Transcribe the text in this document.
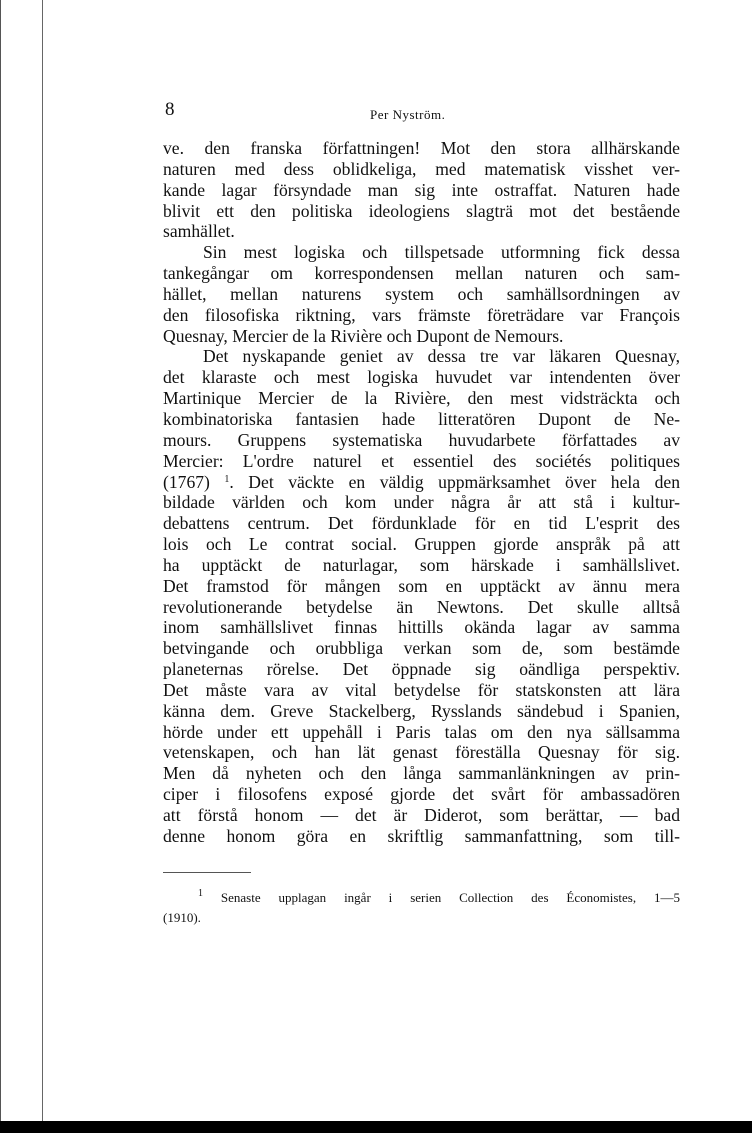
8	Per Nyström.
ve. den franska författningen! Mot den stora allhärskande
naturen med dess oblidkeliga, med matematisk visshet ver-
kande lagar försyndade man sig inte ostraffat. Naturen hade
blivit ett den politiska ideologiens slagträ mot det bestående
samhället.
Sin mest logiska och tillspetsade utformning fick dessa
tankegångar om korrespondensen mellan naturen och sam-
hället, mellan naturens system och samhällsordningen av
den filosofiska riktning, vars främste företrädare var François
Quesnay, Mercier de la Rivière och Dupont de Nemours.
Det nyskapande geniet av dessa tre var läkaren Quesnay,
det klaraste och mest logiska huvudet var intendenten över
Martinique Mercier de la Rivière, den mest vidsträckta och
kombinatoriska fantasien hade litteratören Dupont de Ne-
mours. Gruppens systematiska huvudarbete författades av
Mercier: L'ordre naturel et essentiel des sociétés politiques
(1767) $^1$. Det väckte en väldig uppmärksamhet över hela den
bildade världen och kom under några år att stå i kultur-
debattens centrum. Det fördunklade för en tid L'esprit des
lois och Le contrat social. Gruppen gjorde anspråk på att
ha upptäckt de naturlagar, som härskade i samhällslivet.
Det framstod för mången som en upptäckt av ännu mera
revolutionerande betydelse än Newtons. Det skulle alltså
inom samhällslivet finnas hittills okända lagar av samma
betvingande och orubbliga verkan som de, som bestämde
planeternas rörelse. Det öppnade sig oändliga perspektiv.
Det måste vara av vital betydelse för statskonsten att lära
känna dem. Greve Stackelberg, Rysslands sändebud i Spanien,
hörde under ett uppehåll i Paris talas om den nya sällsamma
vetenskapen, och han lät genast föreställa Quesnay för sig.
Men då nyheten och den långa sammanlänkningen av prin-
ciper i filosofens exposé gjorde det svårt för ambassadören
att förstå honom — det är Diderot, som berättar, — bad
denne honom göra en skriftlig sammanfattning, som till-
$^1$ Senaste upplagan ingår i serien Collection des Économistes, 1—5
(1910).
